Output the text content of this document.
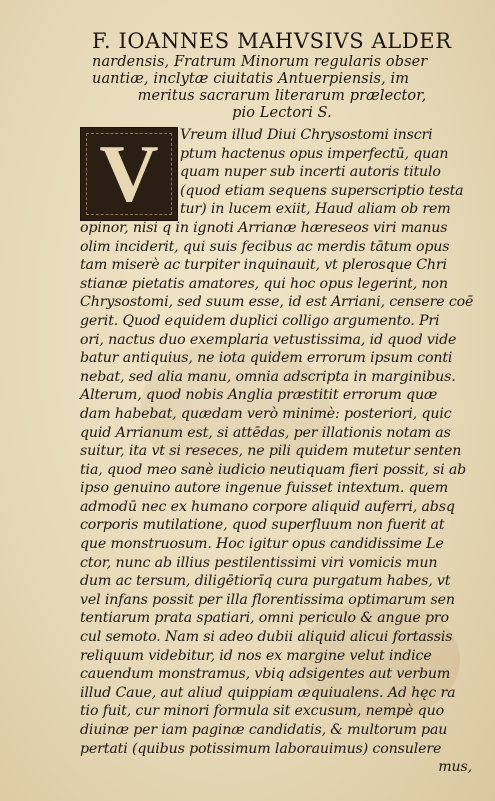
F. IOANNES MAHVSIVS ALDER
nardensis, Fratrum Minorum regularis obser
uantiæ, inclytæ ciuitatis Antuerpiensis, im
meritus sacrarum literarum prælector,
pio Lectori S.
V	Vreum illud Diui Chrysostomi inscri
ptum hactenus opus imperfectū, quan
quam nuper sub incerti autoris titulo
(quod etiam sequens superscriptio testa
tur) in lucem exiit, Haud aliam ob rem
opinor, nisi q in ignoti Arrianæ hæreseos viri manus
olim inciderit, qui suis fecibus ac merdis tātum opus
tam miserè ac turpiter inquinauit, vt plerosque Chri
stianæ pietatis amatores, qui hoc opus legerint, non
Chrysostomi, sed suum esse, id est Arriani, censere coē
gerit. Quod equidem duplici colligo argumento. Pri
ori, nactus duo exemplaria vetustissima, id quod vide
batur antiquius, ne iota quidem errorum ipsum conti
nebat, sed alia manu, omnia adscripta in marginibus.
Alterum, quod nobis Anglia præstitit errorum quæ
dam habebat, quædam verò minimè: posteriori, quic
quid Arrianum est, si attēdas, per illationis notam as
suitur, ita vt si reseces, ne pili quidem mutetur senten
tia, quod meo sanè iudicio neutiquam fieri possit, si ab
ipso genuino autore ingenue fuisset intextum. quem
admodū nec ex humano corpore aliquid auferri, absq
corporis mutilatione, quod superfluum non fuerit at
que monstruosum. Hoc igitur opus candidissime Le
ctor, nunc ab illius pestilentissimi viri vomicis mun
dum ac tersum, diligētiorīq cura purgatum habes, vt
vel infans possit per illa florentissima optimarum sen
tentiarum prata spatiari, omni periculo & angue pro
cul semoto. Nam si adeo dubii aliquid alicui fortassis
reliquum videbitur, id nos ex margine velut indice
cauendum monstramus, vbiq adsigentes aut verbum
illud Caue, aut aliud quippiam æquiualens. Ad hęc ra
tio fuit, cur minori formula sit excusum, nempè quo
diuinæ per iam paginæ candidatis, & multorum pau
pertati (quibus potissimum laborauimus) consulere
mus,
